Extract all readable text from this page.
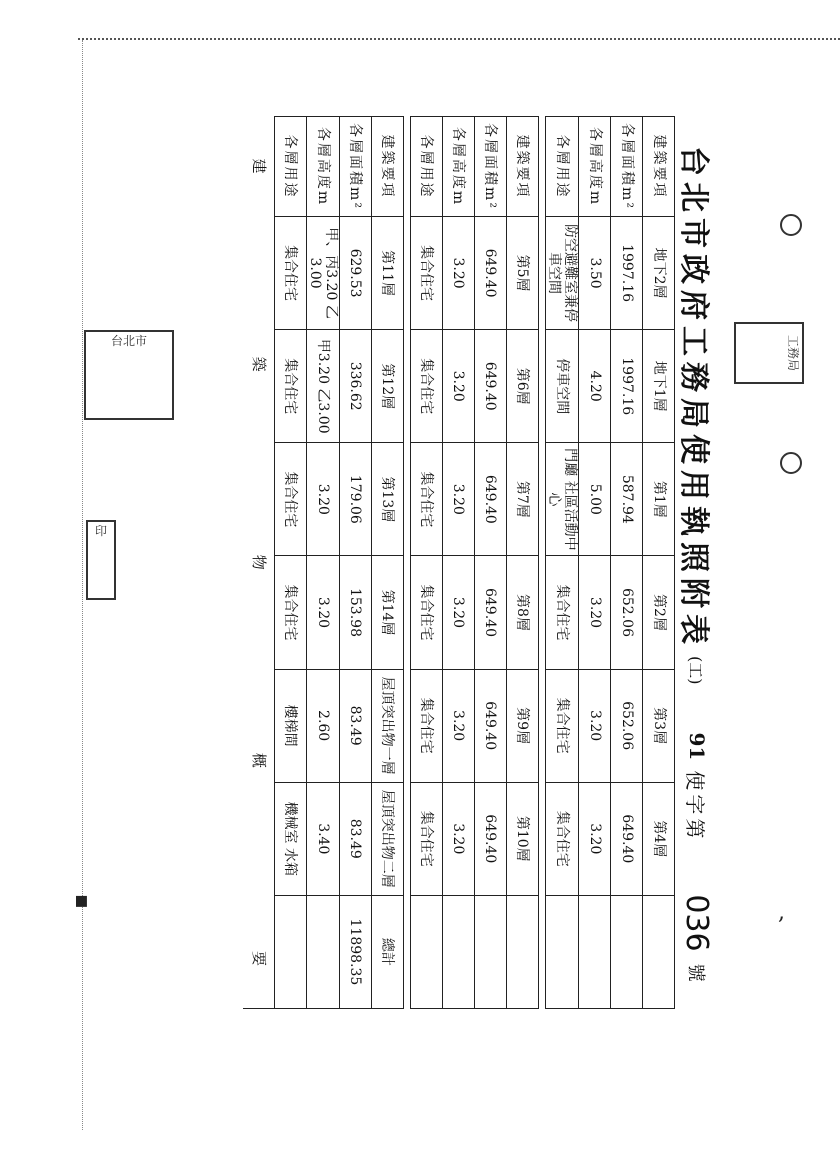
,
▪
工務局
台北市
印	台北市政府工務局使用執照附表
(工)
91
使字第
036
號
建築要項	地下2層	地下1層	第1層	第2層	第3層	第4層	
各層面積m²	1997.16	1997.16	587.94	652.06	652.06	649.40	
各層高度m	3.50	4.20	5.00	3.20	3.20	3.20	
各層用途	防空避難室兼停車空間	停車空間	門廳 社區活動中心	集合住宅	集合住宅	集合住宅	

建築要項	第5層	第6層	第7層	第8層	第9層	第10層	
各層面積m²	649.40	649.40	649.40	649.40	649.40	649.40	
各層高度m	3.20	3.20	3.20	3.20	3.20	3.20	
各層用途	集合住宅	集合住宅	集合住宅	集合住宅	集合住宅	集合住宅	

建築要項	第11層	第12層	第13層	第14層	屋頂突出物一層	屋頂突出物二層	總計
各層面積m²	629.53	336.62	179.06	153.98	83.49	83.49	11898.35
各層高度m	甲、丙3.20 乙3.00	甲3.20 乙3.00	3.20	3.20	2.60	3.40	
各層用途	集合住宅	集合住宅	集合住宅	集合住宅	樓梯間	機械室 水箱	

建
築
物
概
要							
